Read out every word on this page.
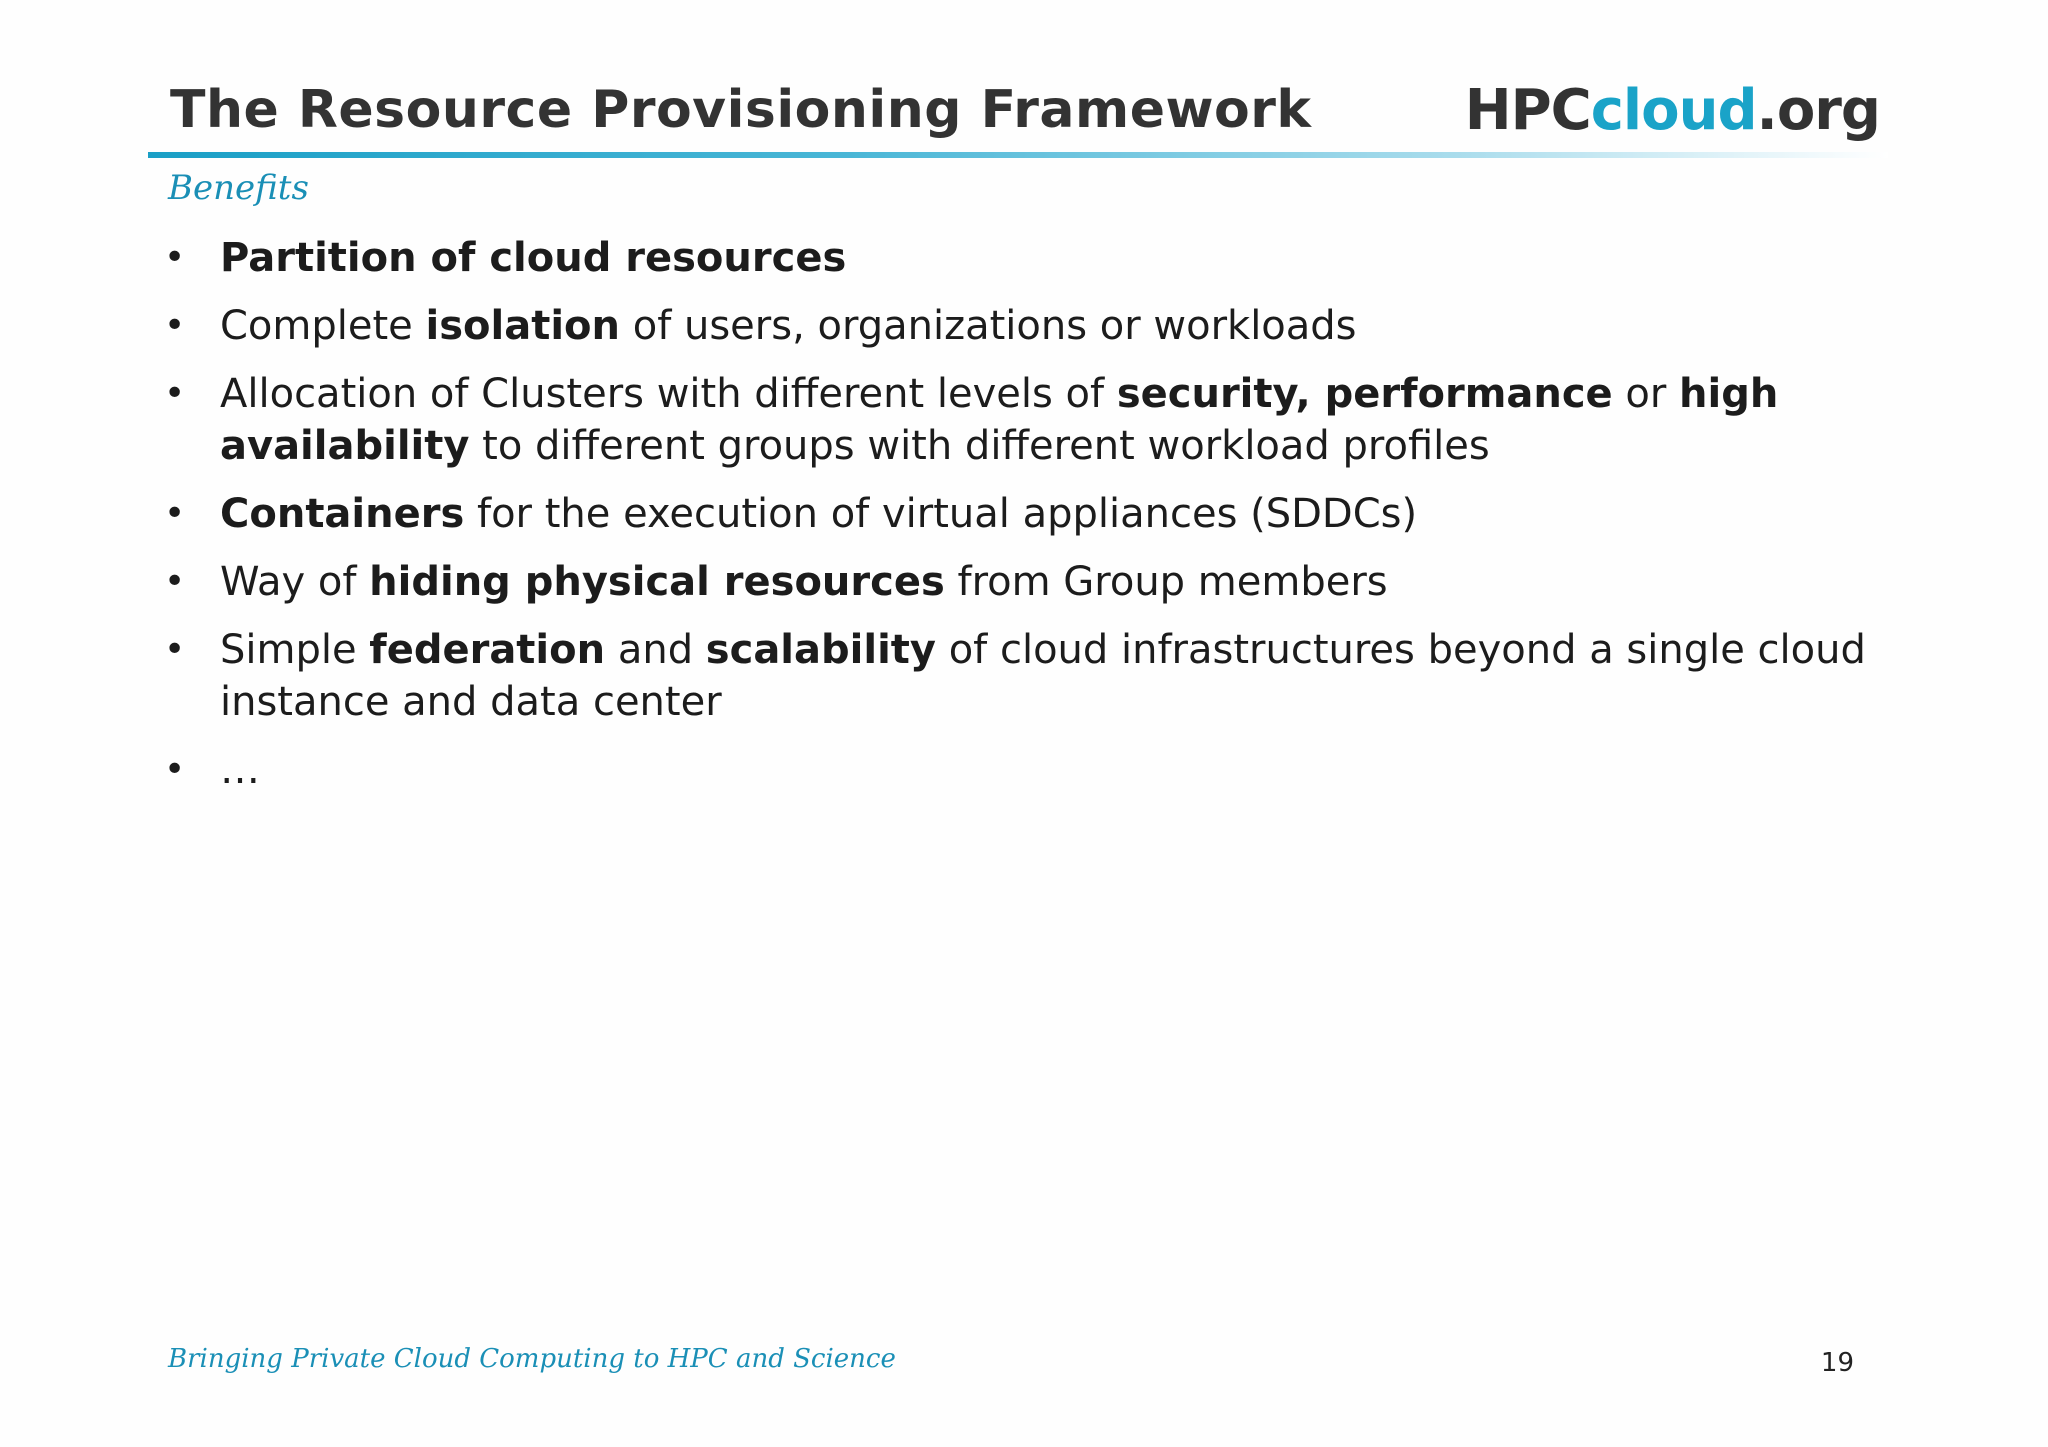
The Resource Provisioning Framework	HPCcloud.org
Benefits
• Partition of cloud resources
• Complete isolation of users, organizations or workloads
• Allocation of Clusters with different levels of security, performance or high availability to different groups with different workload profiles
• Containers for the execution of virtual appliances (SDDCs)
• Way of hiding physical resources from Group members
• Simple federation and scalability of cloud infrastructures beyond a single cloud instance and data center
• …
Bringing Private Cloud Computing to HPC and Science	19
